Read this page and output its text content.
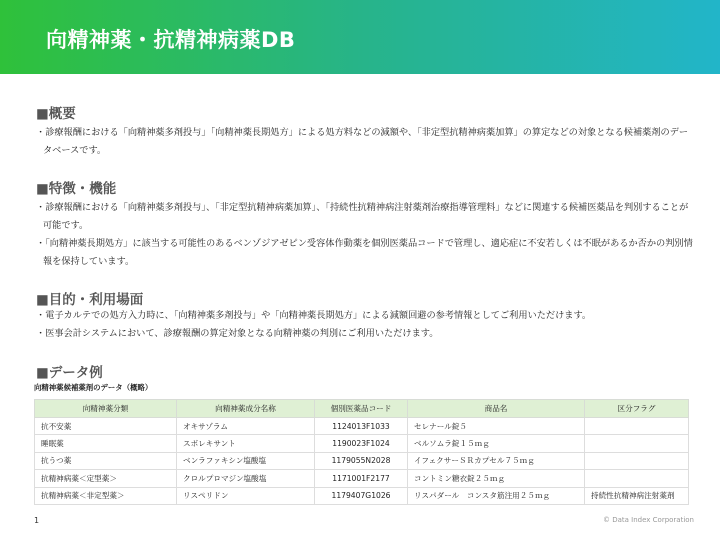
向精神薬・抗精神病薬DB
■概要
・ 診療報酬における「向精神薬多剤投与」「向精神薬長期処方」による処方料などの減額や、「非定型抗精神病薬加算」の算定などの対象となる候補薬剤のデータベースです。
■特徴・機能
・ 診療報酬における「向精神薬多剤投与」、「非定型抗精神病薬加算」、「持続性抗精神病注射薬剤治療指導管理料」などに関連する候補医薬品を判別することが可能です。
・ 「向精神薬長期処方」に該当する可能性のあるベンゾジアゼピン受容体作動薬を個別医薬品コードで管理し、適応症に不安若しくは不眠があるか否かの判別情報を保持しています。
■目的・利用場面
・ 電子カルテでの処方入力時に、「向精神薬多剤投与」や「向精神薬長期処方」による減額回避の参考情報としてご利用いただけます。
・ 医事会計システムにおいて、診療報酬の算定対象となる向精神薬の判別にご利用いただけます。
■データ例
向精神薬候補薬剤のデータ（概略）
向精神薬分類	向精神薬成分名称	個別医薬品コード	商品名	区分フラグ
抗不安薬	オキサゾラム	1124013F1033	セレナール錠５	
睡眠薬	スボレキサント	1190023F1024	ベルソムラ錠１５ｍｇ	
抗うつ薬	ベンラファキシン塩酸塩	1179055N2028	イフェクサーＳＲカプセル７５ｍｇ	
抗精神病薬＜定型薬＞	クロルプロマジン塩酸塩	1171001F2177	コントミン糖衣錠２５ｍｇ	
抗精神病薬＜非定型薬＞	リスペリドン	1179407G1026	リスパダール　コンスタ筋注用２５ｍｇ	持続性抗精神病注射薬剤
1	© Data Index Corporation
